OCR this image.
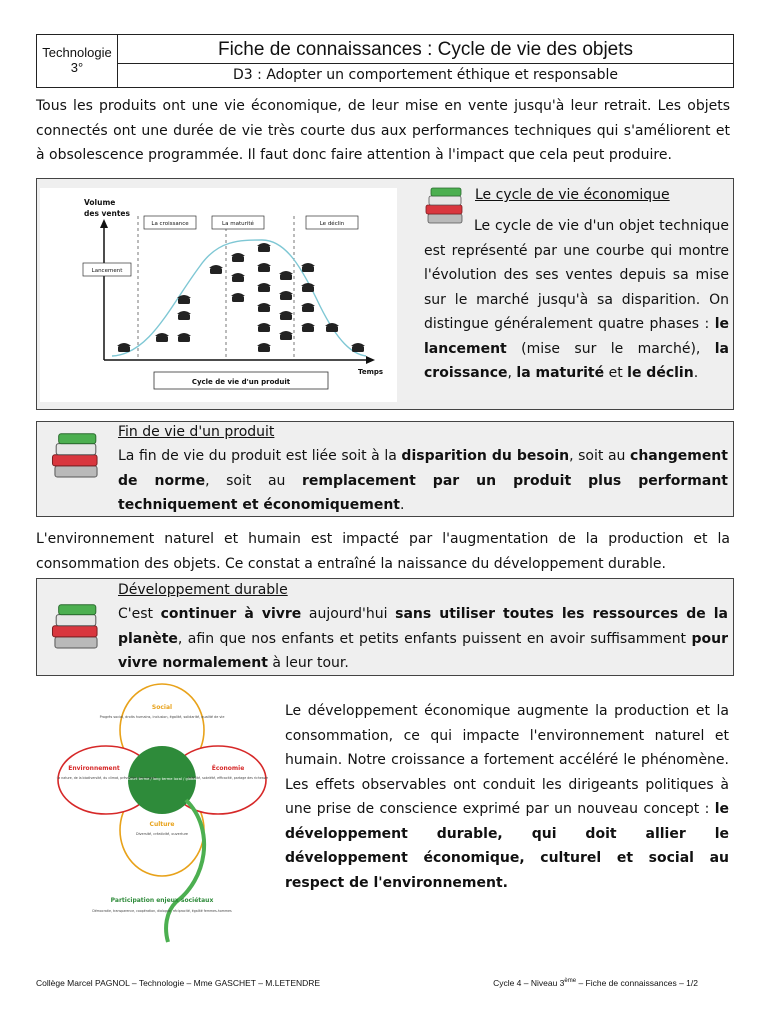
Technologie
3°
Fiche de connaissances : Cycle de vie des objets
D3 : Adopter un comportement éthique et responsable
Tous les produits ont une vie économique, de leur mise en vente jusqu'à leur retrait. Les objets connectés ont une durée de vie très courte dus aux performances techniques qui s'améliorent et à obsolescence programmée. Il faut donc faire attention à l'impact que cela peut produire.
Volume
des ventes
Temps
La croissance	La maturité	Le déclin
Lancement
Cycle de vie d'un produit
Le cycle de vie économique
Le cycle de vie d'un objet technique est représenté par une courbe qui montre l'évolution des ses ventes depuis sa mise sur le marché jusqu'à sa disparition. On distingue généralement quatre phases : le lancement (mise sur le marché), la croissance, la maturité et le déclin.
Fin de vie d'un produit
La fin de vie du produit est liée soit à la disparition du besoin, soit au changement de norme, soit au remplacement par un produit plus performant techniquement et économiquement.
L'environnement naturel et humain est impacté par l'augmentation de la production et la consommation des objets. Ce constat a entraîné la naissance du développement durable.
Développement durable
C'est continuer à vivre aujourd'hui sans utiliser toutes les ressources de la planète, afin que nos enfants et petits enfants puissent en avoir suffisamment pour vivre normalement à leur tour.
Social
Progrès social, droits humains, inclusion, égalité, solidarité, qualité de vie
Environnement
la nature, de la biodiversité, du climat, prévention des risques
Économie
Viabilité, sobriété, efficacité, partage des richesses
Culture
Diversité, créativité, ouverture
Court terme / long terme local / global
Participation enjeux sociétaux
Démocratie, transparence, coopération, dialogue, réciprocité, égalité femmes-hommes
Le développement économique augmente la production et la consommation, ce qui impacte l'environnement naturel et humain. Notre croissance a fortement accéléré le phénomène. Les effets observables ont conduit les dirigeants politiques à une prise de conscience exprimé par un nouveau concept : le développement durable, qui doit allier le développement économique, culturel et social au respect de l'environnement.
Collège Marcel PAGNOL – Technologie – Mme GASCHET – M.LETENDRE	Cycle 4 – Niveau 3ème – Fiche de connaissances – 1/2
